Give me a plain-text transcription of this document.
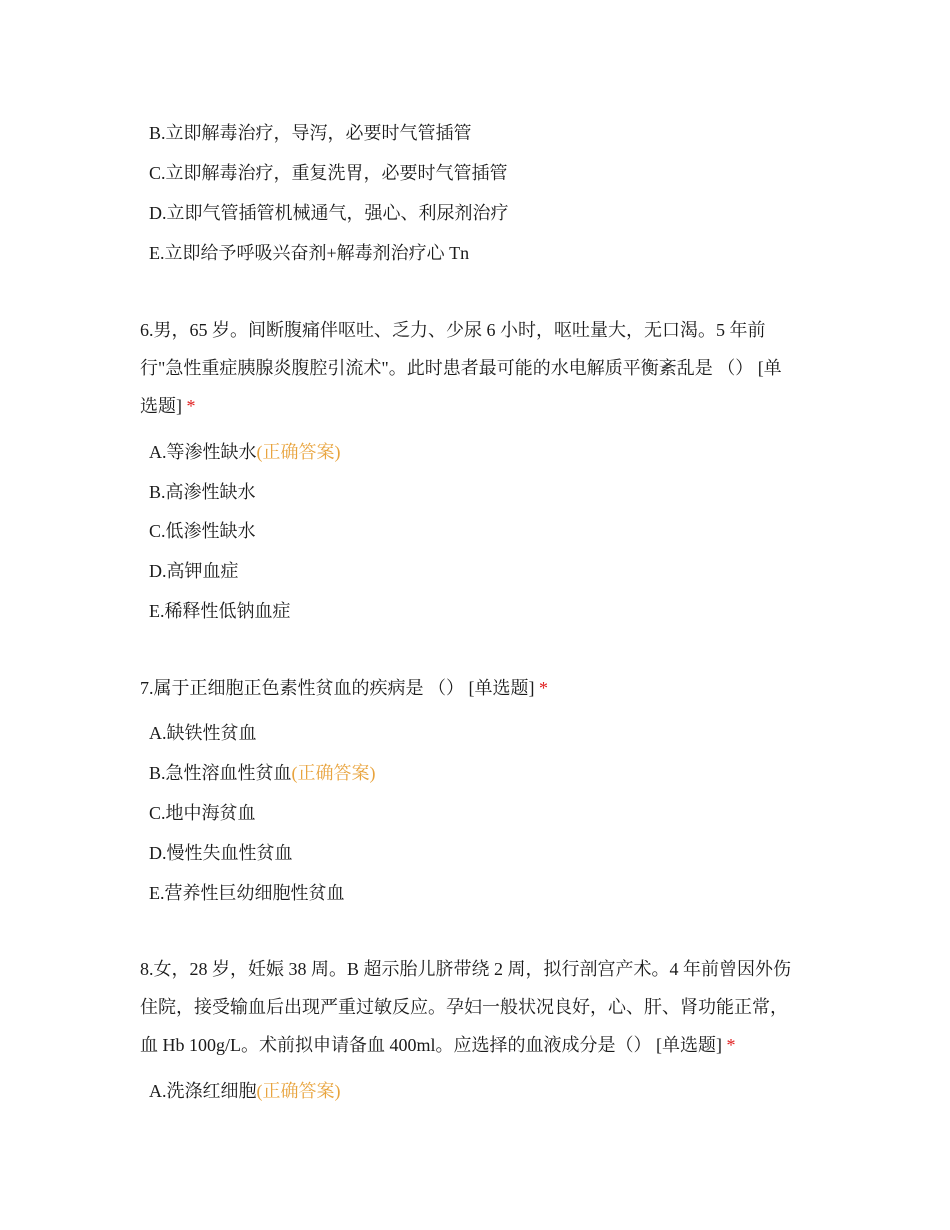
B.立即解毒治疗，导泻，必要时气管插管
C.立即解毒治疗，重复洗胃，必要时气管插管
D.立即气管插管机械通气，强心、利尿剂治疗
E.立即给予呼吸兴奋剂+解毒剂治疗心 Tn
6.男，65 岁。间断腹痛伴呕吐、乏力、少尿 6 小时，呕吐量大，无口渴。5 年前
行"急性重症胰腺炎腹腔引流术"。此时患者最可能的水电解质平衡紊乱是 （） [单
选题] *
A.等渗性缺水(正确答案)
B.高渗性缺水
C.低渗性缺水
D.高钾血症
E.稀释性低钠血症
7.属于正细胞正色素性贫血的疾病是 （） [单选题] *
A.缺铁性贫血
B.急性溶血性贫血(正确答案)
C.地中海贫血
D.慢性失血性贫血
E.营养性巨幼细胞性贫血
8.女，28 岁，妊娠 38 周。B 超示胎儿脐带绕 2 周，拟行剖宫产术。4 年前曾因外伤
住院，接受输血后出现严重过敏反应。孕妇一般状况良好，心、肝、肾功能正常，
血 Hb 100g/L。术前拟申请备血 400ml。应选择的血液成分是（） [单选题] *
A.洗涤红细胞(正确答案)
